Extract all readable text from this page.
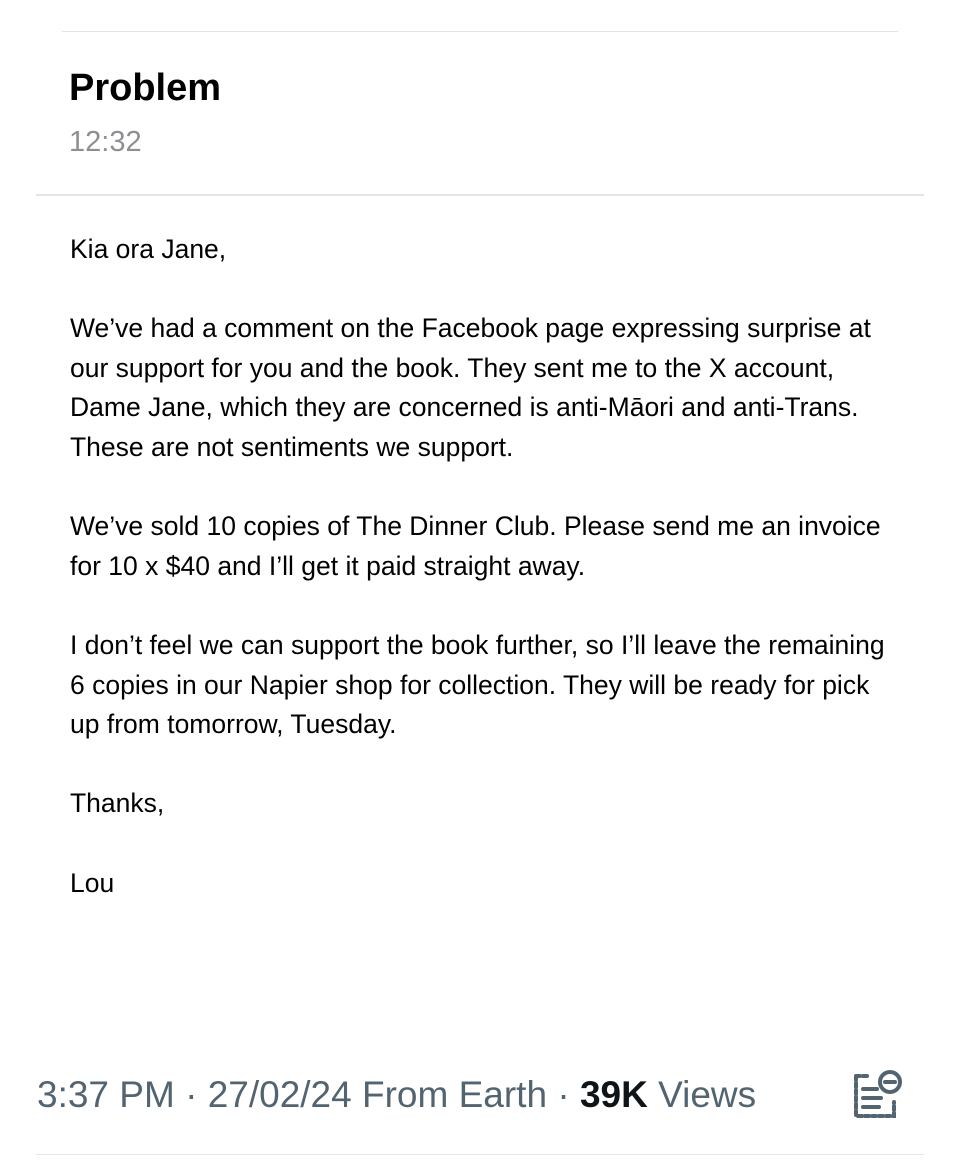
Problem
12:32

Kia ora Jane,

We’ve had a comment on the Facebook page expressing surprise at our support for you and the book. They sent me to the X account, Dame Jane, which they are concerned is anti-Māori and anti-Trans. These are not sentiments we support.

We’ve sold 10 copies of The Dinner Club. Please send me an invoice for 10 x $40 and I’ll get it paid straight away.

I don’t feel we can support the book further, so I’ll leave the remaining 6 copies in our Napier shop for collection. They will be ready for pick up from tomorrow, Tuesday.

Thanks,

Lou

3:37 PM · 27/02/24 From Earth · 39K Views
